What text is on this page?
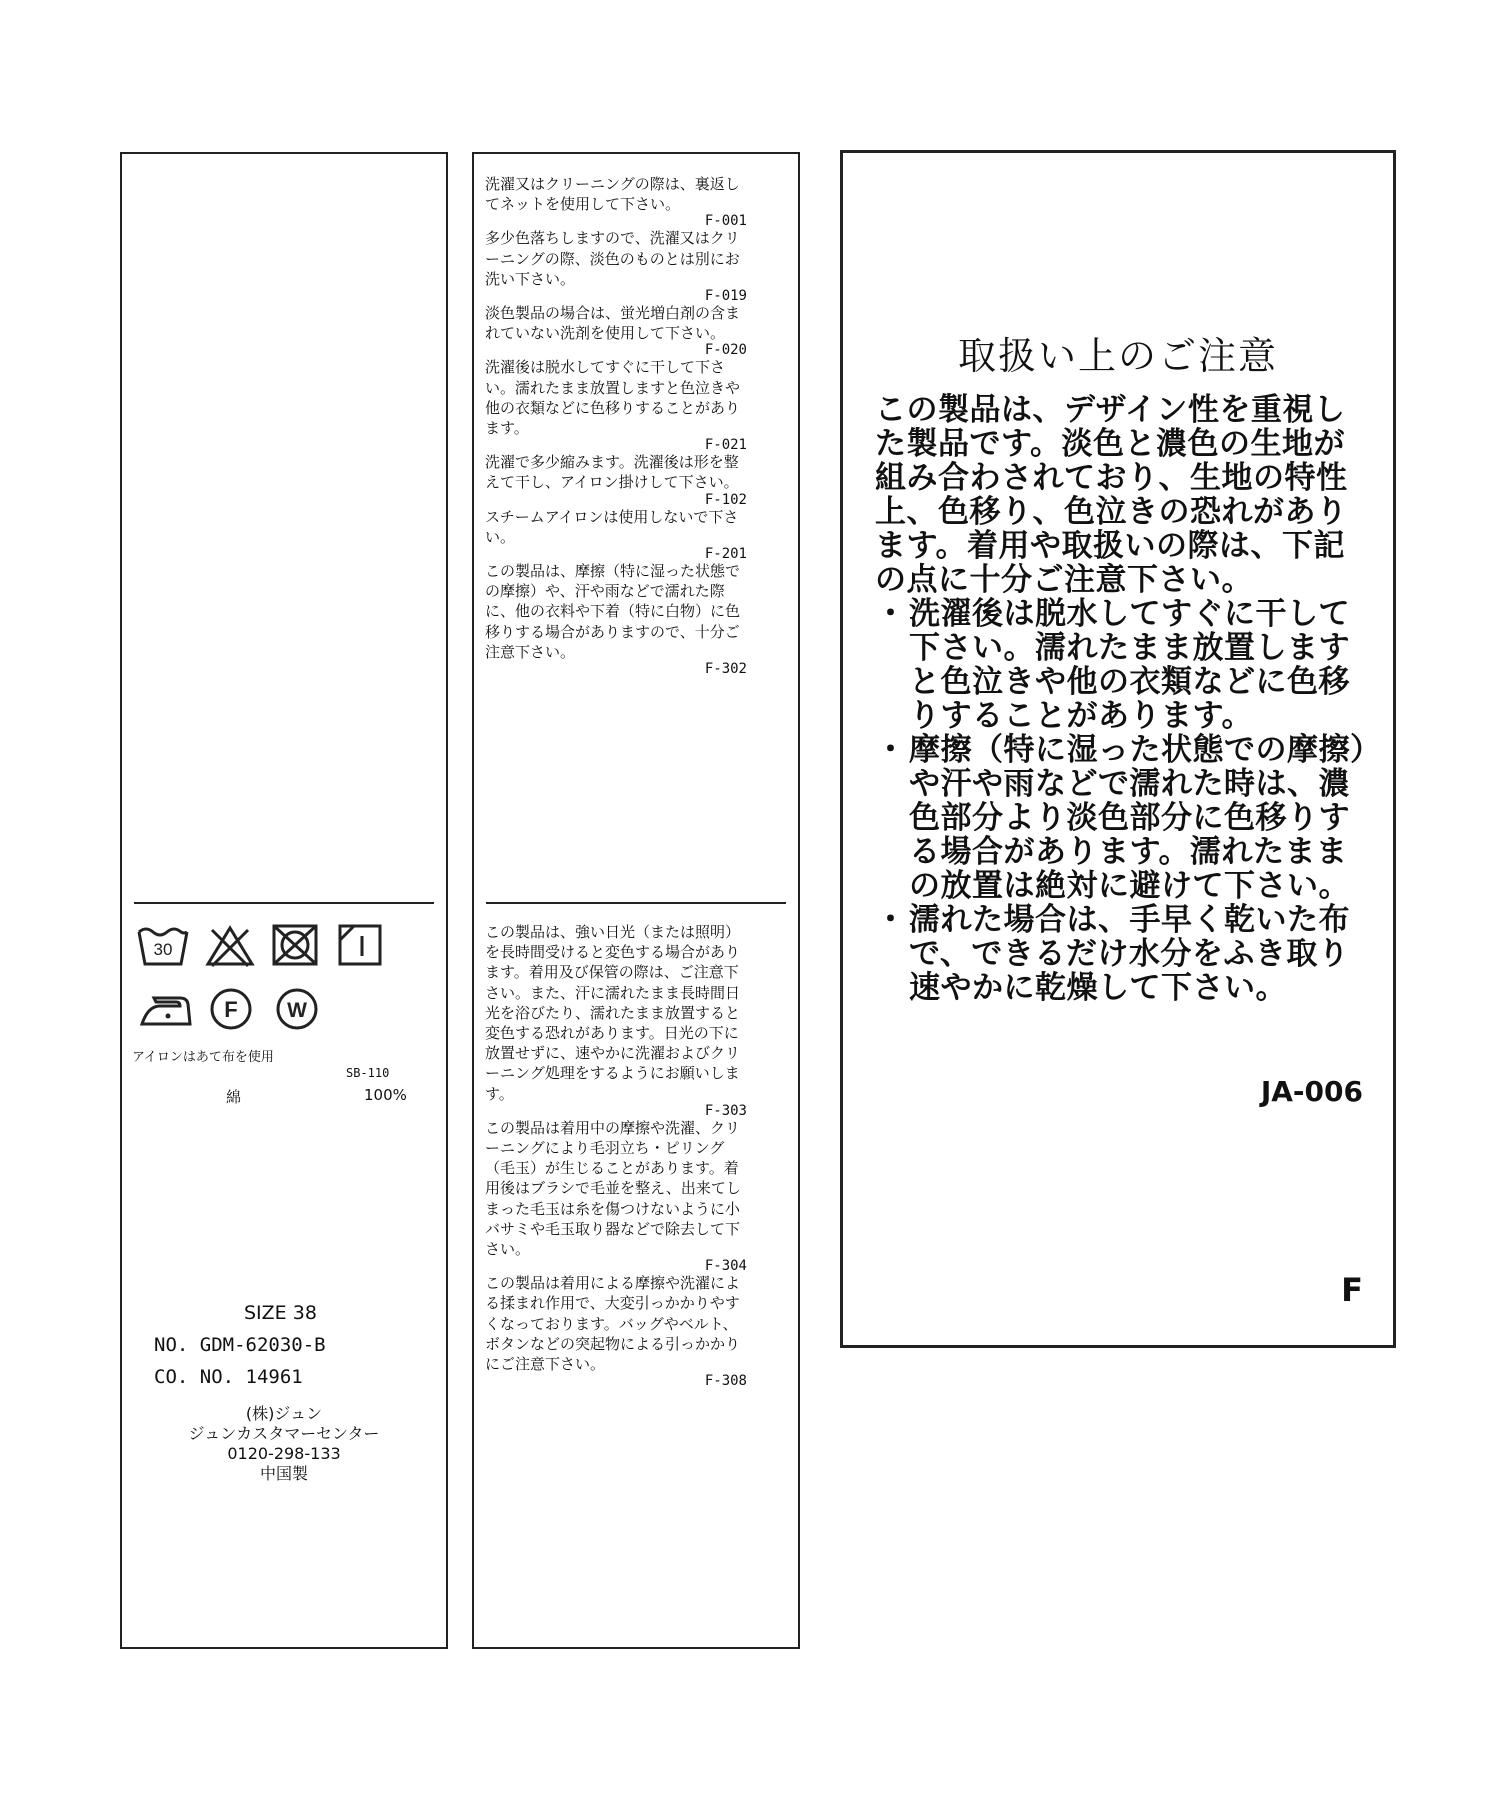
30
F W
アイロンはあて布を使用
SB-110
綿	100%
SIZE 38
NO. GDM-62030-B
CO. NO. 14961
(株)ジュン
ジュンカスタマーセンター
0120-298-133
中国製
洗濯又はクリーニングの際は、裏返してネットを使用して下さい。
F-001
多少色落ちしますので、洗濯又はクリーニングの際、淡色のものとは別にお洗い下さい。
F-019
淡色製品の場合は、蛍光増白剤の含まれていない洗剤を使用して下さい。
F-020
洗濯後は脱水してすぐに干して下さい。濡れたまま放置しますと色泣きや他の衣類などに色移りすることがあります。
F-021
洗濯で多少縮みます。洗濯後は形を整えて干し、アイロン掛けして下さい。
F-102
スチームアイロンは使用しないで下さい。
F-201
この製品は、摩擦（特に湿った状態での摩擦）や、汗や雨などで濡れた際に、他の衣料や下着（特に白物）に色移りする場合がありますので、十分ご注意下さい。
F-302
この製品は、強い日光（または照明）を長時間受けると変色する場合があります。着用及び保管の際は、ご注意下さい。また、汗に濡れたまま長時間日光を浴びたり、濡れたまま放置すると変色する恐れがあります。日光の下に放置せずに、速やかに洗濯およびクリーニング処理をするようにお願いします。
F-303
この製品は着用中の摩擦や洗濯、クリーニングにより毛羽立ち・ピリング（毛玉）が生じることがあります。着用後はブラシで毛並を整え、出来てしまった毛玉は糸を傷つけないように小バサミや毛玉取り器などで除去して下さい。
F-304
この製品は着用による摩擦や洗濯による揉まれ作用で、大変引っかかりやすくなっております。バッグやベルト、ボタンなどの突起物による引っかかりにご注意下さい。
F-308
取扱い上のご注意
この製品は、デザイン性を重視した製品です。淡色と濃色の生地が組み合わされており、生地の特性上、色移り、色泣きの恐れがあります。着用や取扱いの際は、下記の点に十分ご注意下さい。
・ 洗濯後は脱水してすぐに干して下さい。濡れたまま放置しますと色泣きや他の衣類などに色移りすることがあります。
・ 摩擦（特に湿った状態での摩擦）や汗や雨などで濡れた時は、濃色部分より淡色部分に色移りする場合があります。濡れたままの放置は絶対に避けて下さい。
・ 濡れた場合は、手早く乾いた布で、できるだけ水分をふき取り速やかに乾燥して下さい。
JA-006
F
